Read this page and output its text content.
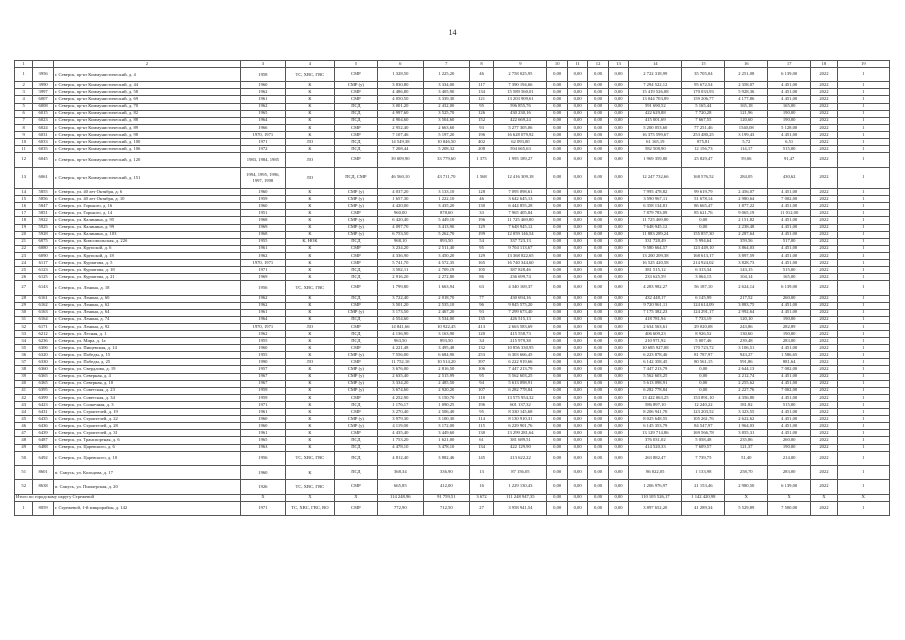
14
1		2	3	4	5	6	7	8	9	10	11	12	13	14	15	16	17	18	19
1	3956	г. Северск, пр-кт Коммунистический, д. 4	1958	ТС, ХВС, ГВС	СМР	1 328,50	1 225,20	46	2 758 025,95	0,00	0,00	0,00	0,00	2 722 318,99	35 705,04	2 251,08	6 139,00	2022	1
2	3990	г. Северск, пр-кт Коммунистический, д. 44	1960	К	СМР (у)	3 830,80	3 334,00	117	7 390 194,66	0,00	0,00	0,00	0,00	7 294 522,12	95 672,54	2 358,07	4 451,00	2022	1
3	3997	г. Северск, пр-кт Коммунистический, д. 58	1962	К	СМР	4 486,80	3 405,90	134	15 589 560,01	0,00	0,00	0,00	0,00	15 419 526,08	170 033,93	5 928,36	4 451,00	2022	1
4	6007	г. Северск, пр-кт Коммунистический, д. 69	1961	К	СМР	4 050,50	3 339,30	121	13 203 909,61	0,00	0,00	0,00	0,00	13 044 703,89	159 206,77	4 177,86	4 451,00	2022	1
5	6008	г. Северск, пр-кт Коммунистический, д. 70	1962	К	ПСД	3 001,20	2 432,00	95	596 855,76	0,00	0,00	0,00	0,00	591 690,52	5 165,44	165,18	165,00	2022	1
6	6015	г. Северск, пр-кт Коммунистический, д. 82	1965	К	ПСД	4 997,60	3 525,70	126	430 230,16	0,00	0,00	0,00	0,00	422 629,88	7 720,28	121,96	190,00	2022	1
7	6023	г. Северск, пр-кт Коммунистический, д. 88	1964	К	ПСД	4 904,60	3 504,60	152	422 669,24	0,00	0,00	0,00	0,00	415 001,69	7 667,55	120,60	190,00	2022	1
8	6024	г. Северск, пр-кт Коммунистический, д. 89	1966	К	СМР	2 952,40	2 663,60	93	5 277 305,06	0,00	0,00	0,00	0,00	5 200 053,60	77 251,46	1540,08	5 128,00	2022	1
9	6031	г. Северск, пр-кт Коммунистический, д. 98	1970, 1971	К	СМР	7 107,46	5 197,20	196	16 628 079,92	0,00	0,00	0,00	0,00	16 375 599,67	253 480,25	3 199,43	4 451,00	2022	1
10	6033	г. Северск, пр-кт Коммунистический, д. 100	1971	ЛО	ПСД	14 549,38	10 846,50	402	62 093,00	0,00	0,00	0,00	0,00	61 165,19	875,81	5,72	6,51	2022	1
11	6035	г. Северск, пр-кт Коммунистический, д. 106	1972	К	ПСД	7 208,44	5 208,32	208	594 665,63	0,00	0,00	0,00	0,00	582 508,90	12 156,73	114,17	515,00	2022	1
12	6045	г. Северск, пр-кт Коммунистический, д. 120	1983, 1984, 1985	ЛО	СМР	39 009,90	33 779,60	1 375	1 995 189,27	0,00	0,00	0,00	0,00	1 969 359,80	25 829,47	59,06	91,47	2022	1
13	6061	г. Северск, пр-кт Коммунистический, д. 151	1994, 1995, 1996, 1997, 1998	ЛО	ПСД, СМР	46 560,10	43 711,70	1 568	12 416 309,18	0,00	0,00	0,00	0,00	12 247 732,66	168 576,52	284,05	430,62	2022	1
14	5855	г. Северск, ул. 40 лет Октября, д. 6	1960	К	СМР (у)	4 037,20	3 133,10	128	7 095 098,61	0,00	0,00	0,00	0,00	7 995 478,82	99 619,79	2 456,07	4 451,00	2022	1
15	5856	г. Северск, ул. 40 лет Октября, д. 10	1959	К	СМР (у)	1 657,30	1 222,10	46	3 642 645,13	0,00	0,00	0,00	0,00	3 590 967,11	51 678,14	2 980,64	7 002,00	2022	1
16	5847	г. Северск, ул. Горького, д. 16	1960	К	СМР (у)	4 420,00	3 435,20	130	6 444 855,28	0,00	0,00	0,00	0,00	6 358 134,81	86 665,47	1 877,22	4 451,00	2022	1
17	5851	г. Северск, ул. Горького, д. 14	1951	К	СМР	960,00	878,60	33	7 965 405,84	0,00	0,00	0,00	0,00	7 879 783,09	85 621,76	9 065,19	11 012,00	2022	1
18	5922	г. Северск, ул. Калинина, д. 95	1968	К	СМР (у)	6 420,40	5 449,10	196	11 725 469,80	0,00	0,00	0,00	0,00	11 725 469,80	0,00	2 151,82	4 451,00	2022	1
19	5925	г. Северск, ул. Калинина, д. 99	1969	К	СМР (у)	4 097,70	3 413,90	129	7 648 945,12	0,00	0,00	0,00	0,00	7 648 945,12	0,00	2 238,48	4 451,00	2022	1
20	5928	г. Северск, ул. Калинина, д. 103	1968	К	СМР (у)	6 753,50	5 262,70	199	12 059 146,54	0,00	0,00	0,00	0,00	11 883 289,24	155 857,30	2 287,64	4 451,00	2022	1
21	6075	г. Северск, ул. Комсомольская, д. 22б	1955	К, НОК	ПСД	968,10	893,50	54	337 723,13	0,00	0,00	0,00	0,00	331 728,49	5 994,64	359,56	517,00	2022	1
22	6080	г. Северск, ул. Крупской, д. 6	1961	К	СМР	3 234,20	2 511,40	95	9 704 113,67	0,00	0,00	0,00	0,00	9 580 664,57	123 449,10	3 864,03	4 451,00	2022	1
23	6090	г. Северск, ул. Крупской, д. 18	1962	К	СМР	4 336,90	3 450,20	129	13 368 822,65	0,00	0,00	0,00	0,00	13 200 209,38	168 613,17	3 897,59	4 451,00	2022	1
24	6117	г. Северск, ул. Курчатова, д. 5	1970, 1971	К	СМР	5 741,70	4 572,35	165	16 740 344,60	0,00	0,00	0,00	0,00	16 525 420,58	214 924,02	3 828,73	4 451,00	2022	1
25	6123	г. Северск, ул. Курчатова, д. 18	1971	К	ПСД	3 582,11	2 709,19	105	387 828,46	0,00	0,00	0,00	0,00	381 515,12	6 313,34	143,15	515,00	2022	1
26	6125	г. Северск, ул. Курчатова, д. 21	1969	К	ПСД	2 916,20	2 272,80	86	236 699,74	0,00	0,00	0,00	0,00	233 625,59	3 064,15	104,14	165,00	2022	1
27	6143	г. Северск, ул. Ленина, д. 18	1956	ТС, ХВС, ГВС	СМР	1 799,80	1 663,94	63	4 340 169,37	0,00	0,00	0,00	0,00	4 283 982,27	56 187,10	2 624,14	6 139,00	2022	1
28	6161	г. Северск, ул. Ленина, д. 60	1962	К	ПСД	3 722,40	2 018,70	77	430 694,16	0,00	0,00	0,00	0,00	432 448,17	6 145,99	217,52	260,00	2022	1
29	6162	г. Северск, ул. Ленина, д. 62	1962	К	СМР	3 501,20	2 535,10	96	9 845 575,20	0,00	0,00	0,00	0,00	9 720 961,11	124 614,09	3 883,75	4 451,00	2022	1
30	6163	г. Северск, ул. Ленина, д. 64	1961	К	СМР (у)	3 173,50	2 467,20	93	7 299 673,40	0,00	0,00	0,00	0,00	7 175 382,23	124 291,17	2 992,64	4 451,00	2022	1
31	6164	г. Северск, ул. Ленина, д. 74	1964	К	ПСД	4 554,60	3 534,00	135	426 515,13	0,00	0,00	0,00	0,00	418 781,94	7 733,19	120,10	190,00	2022	1
32	6171	г. Северск, ул. Ленина, д. 92	1970, 1971	ЛО	СМР	14 841,66	10 922,45	413	2 663 583,69	0,00	0,00	0,00	0,00	2 634 563,61	29 020,08	243,86	282,89	2022	1
33	6212	г. Северск, ул. Лесная, д. 1	1962	К	ПСД	4 136,90	3 163,90	120	415 558,73	0,00	0,00	0,00	0,00	406 609,23	8 926,52	130,60	190,00	2022	1
34	6236	г. Северск, ул. Мира, д. 1а	1955	К	ПСД	963,50	893,50	34	215 979,38	0,00	0,00	0,00	0,00	210 971,92	5 007,46	239,48	283,00	2022	1
35	6306	г. Северск, ул. Пищевская, д. 14	1960	К	СМР	4 221,48	3 495,48	132	10 856 330,95	0,00	0,00	0,00	0,00	10 685 927,08	170 723,72	3 106,51	4 451,00	2022	1
36	6320	г. Северск, ул. Победы, д. 15	1955	К	СМР (у)	7 556,00	6 684,90	253	6 303 666,45	0,00	0,00	0,00	0,00	6 223 878,46	81 787,97	943,27	1 586,65	2022	1
37	6330	г. Северск, ул. Победы, д. 25	1990	ЛО	СМР	11 752,10	10 514,20	397	6 222 919,66	0,00	0,00	0,00	0,00	6 142 358,45	80 561,15	591,86	881,64	2022	1
38	6360	г. Северск, ул. Свердлова, д. 19	1957	К	СМР (у)	3 676,00	2 816,50	106	7 447 213,79	0,00	0,00	0,00	0,00	7 447 213,79	0,00	2 644,13	7 002,00	2022	1
39	6365	г. Северск, ул. Северная, д. 4	1967	К	СМР (у)	2 635,40	2 515,99	95	5 562 603,25	0,00	0,00	0,00	0,00	5 562 603,25	0,00	2 212,74	4 451,00	2022	1
40	6365	г. Северск, ул. Северная, д. 10	1967	К	СМР (у)	3 334,20	2 485,50	94	5 613 098,91	0,00	0,00	0,00	0,00	5 613 098,91	0,00	2 255,62	4 451,00	2022	1
41	6395	г. Северск, ул. Советская, д. 23	1959	К	СМР (у)	3 674,60	2 920,20	107	6 282 778,84	0,00	0,00	0,00	0,00	6 282 778,84	0,00	2 227,76	7 002,00	2022	1
42	6399	г. Северск, ул. Советская, д. 34	1959	К	СМР	4 252,90	3 150,70	118	13 575 954,32	0,00	0,00	0,00	0,00	13 422 063,25	153 891,10	4 356,80	4 451,00	2022	1
43	6423	г. Северск, ул. Солнечная, д. 3	1971	К	ПСД	1 176,17	1 090,25	196	601 137,32	0,00	0,00	0,00	0,00	586 897,10	12 240,22	181,82	515,00	2022	1
44	6431	г. Северск, ул. Строителей, д. 19	1961	К	СМР	3 270,40	2 506,40	95	8 330 145,68	0,00	0,00	0,00	0,00	8 206 941,70	123 203,52	3 323,55	4 451,00	2022	1
45	6435	г. Северск, ул. Строителей, д. 22	1960	К	СМР (у)	3 979,30	3 100,30	114	8 130 910,31	0,00	0,00	0,00	0,00	8 025 648,55	105 261,76	2 622,62	4 451,00	2022	1
46	6436	г. Северск, ул. Строителей, д. 28	1960	К	СМР (у)	4 119,00	3 172,00	115	6 229 901,76	0,00	0,00	0,00	0,00	6 145 353,79	84 547,97	1 964,03	4 451,00	2022	1
47	6439	г. Северск, ул. Строителей, д. 31	1961	К	СМР	4 435,40	3 449,60	130	13 299 281,64	0,00	0,00	0,00	0,00	13 129 714,86	169 566,78	3 855,31	4 451,00	2022	1
48	6487	г. Северск, ул. Транспортная, д. 6	1965	К	ПСД	1 753,20	1 621,00	61	381 689,51	0,00	0,00	0,00	0,00	376 031,02	5 058,48	235,86	260,00	2022	1
49	6488	г. Северск, ул. Царевского, д. 6	1963	К	ПСД	4 478,10	3 478,10	134	422 129,90	0,00	0,00	0,00	0,00	414 520,33	7 609,57	121,37	190,00	2022	1
50	6492	г. Северск, ул. Царевского, д. 10	1956	ТС, ХВС, ГВС	ПСД	4 812,40	3 882,46	145	213 622,22	0,00	0,00	0,00	0,00	263 882,47	7 739,75	51,40	214,00	2022	1
51	8601	п. Самусь, ул. Кольцова, д. 17	1960	К	ПСД	368,34	336,90	13	87 156,05	0,00	0,00	0,00	0,00	86 022,05	1 133,98	258,70	283,00	2022	1
52	8638	п. Самусь, ул. Пионерская, д. 20	1926	ТС, ХВС, ГВС	СМР	665,85	412,00	16	1 229 130,43	0,00	0,00	0,00	0,00	1 206 976,97	21 153,46	2 980,50	6 139,00	2022	1
Итого по городскому округу Стрежевой			Х	Х	Х	114 248,96	91 759,51	3 672	111 248 947,35	0,00	0,00	0,00	0,00	110 105 526,17	1 142 420,98	Х	Х	Х	Х
1	8059	г. Стрежевой, 1-й микрорайон, д. 142	1971	ТС, ХВС, ГВС, ВО	СМР	772,90	712,50	27	3 958 941,54	0,00	0,00	0,00	0,00	3 897 652,20	41 289,34	5 529,89	7 500,00	2022	1
